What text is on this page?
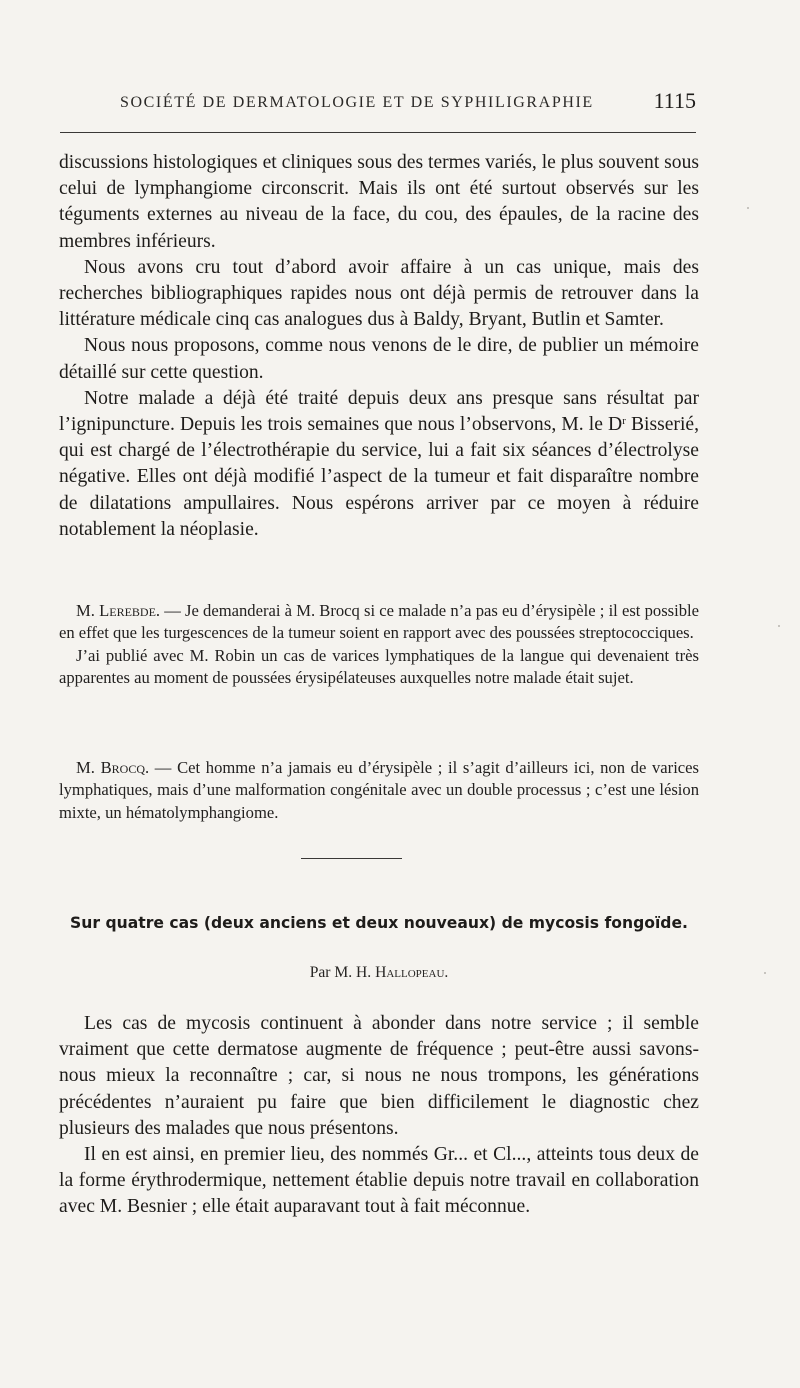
SOCIÉTÉ DE DERMATOLOGIE ET DE SYPHILIGRAPHIE	1115

discussions histologiques et cliniques sous des termes variés, le plus souvent sous celui de lymphangiome circonscrit. Mais ils ont été surtout observés sur les téguments externes au niveau de la face, du cou, des épaules, de la racine des membres inférieurs.

Nous avons cru tout d’abord avoir affaire à un cas unique, mais des recherches bibliographiques rapides nous ont déjà permis de retrouver dans la littérature médicale cinq cas analogues dus à Baldy, Bryant, Butlin et Samter.

Nous nous proposons, comme nous venons de le dire, de publier un mémoire détaillé sur cette question.

Notre malade a déjà été traité depuis deux ans presque sans résultat par l’ignipuncture. Depuis les trois semaines que nous l’observons, M. le $D^r$ Bisserié, qui est chargé de l’électrothérapie du service, lui a fait six séances d’électrolyse négative. Elles ont déjà modifié l’aspect de la tumeur et fait disparaître nombre de dilatations ampullaires. Nous espérons arriver par ce moyen à réduire notablement la néoplasie.

M. Lerebde. — Je demanderai à M. Brocq si ce malade n’a pas eu d’érysipèle ; il est possible en effet que les turgescences de la tumeur soient en rapport avec des poussées streptococciques.

J’ai publié avec M. Robin un cas de varices lymphatiques de la langue qui devenaient très apparentes au moment de poussées érysipélateuses auxquelles notre malade était sujet.

M. Brocq. — Cet homme n’a jamais eu d’érysipèle ; il s’agit d’ailleurs ici, non de varices lymphatiques, mais d’une malformation congénitale avec un double processus ; c’est une lésion mixte, un hématolymphangiome.

Sur quatre cas (deux anciens et deux nouveaux) de mycosis fongoïde.
Par M. H. Hallopeau.

Les cas de mycosis continuent à abonder dans notre service ; il semble vraiment que cette dermatose augmente de fréquence ; peut-être aussi savons-nous mieux la reconnaître ; car, si nous ne nous trompons, les générations précédentes n’auraient pu faire que bien difficilement le diagnostic chez plusieurs des malades que nous présentons.

Il en est ainsi, en premier lieu, des nommés Gr... et Cl..., atteints tous deux de la forme érythrodermique, nettement établie depuis notre travail en collaboration avec M. Besnier ; elle était auparavant tout à fait méconnue.
